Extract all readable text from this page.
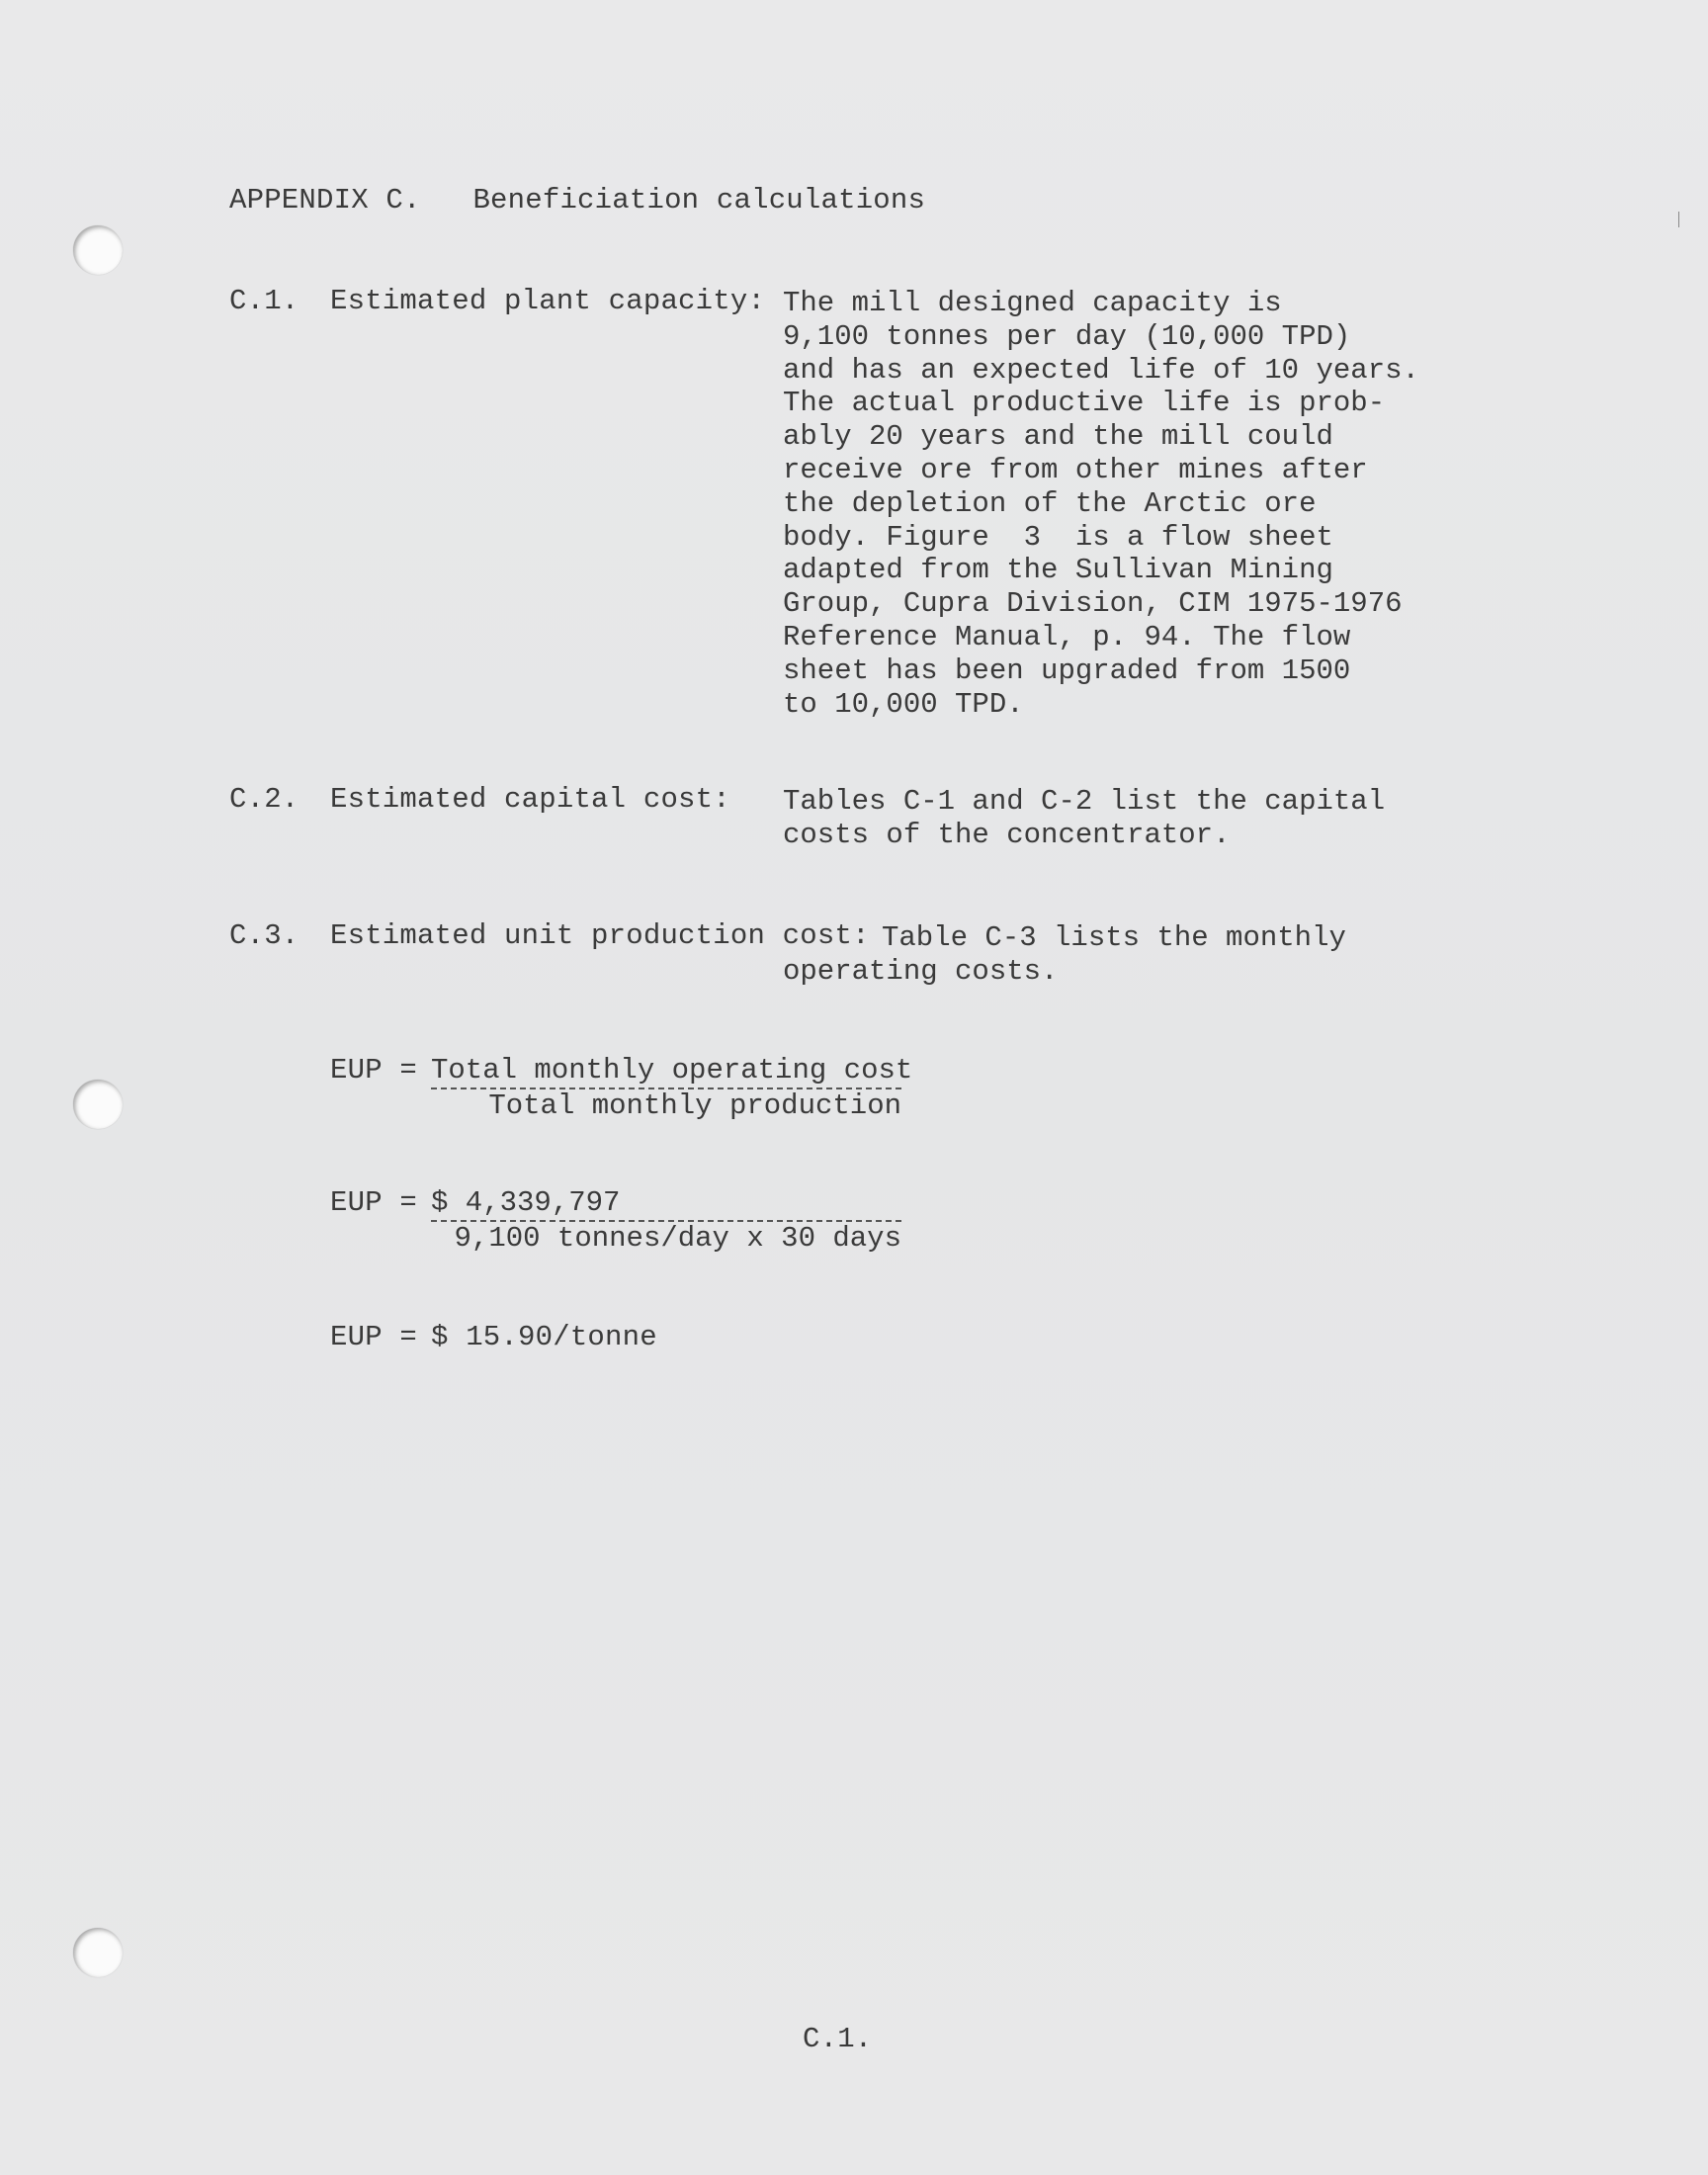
APPENDIX C.   Beneficiation calculations
C.1. Estimated plant capacity: The mill designed capacity is
9,100 tonnes per day (10,000 TPD)
and has an expected life of 10 years.
The actual productive life is prob-
ably 20 years and the mill could
receive ore from other mines after
the depletion of the Arctic ore
body. Figure  3  is a flow sheet
adapted from the Sullivan Mining
Group, Cupra Division, CIM 1975-1976
Reference Manual, p. 94. The flow
sheet has been upgraded from 1500
to 10,000 TPD.
C.2. Estimated capital cost: Tables C-1 and C-2 list the capital
costs of the concentrator.
C.3. Estimated unit production cost: Table C-3 lists the monthly
operating costs.
EUP = Total monthly operating cost
Total monthly production
EUP = $ 4,339,797
9,100 tonnes/day x 30 days
EUP = $ 15.90/tonne
C.1.
